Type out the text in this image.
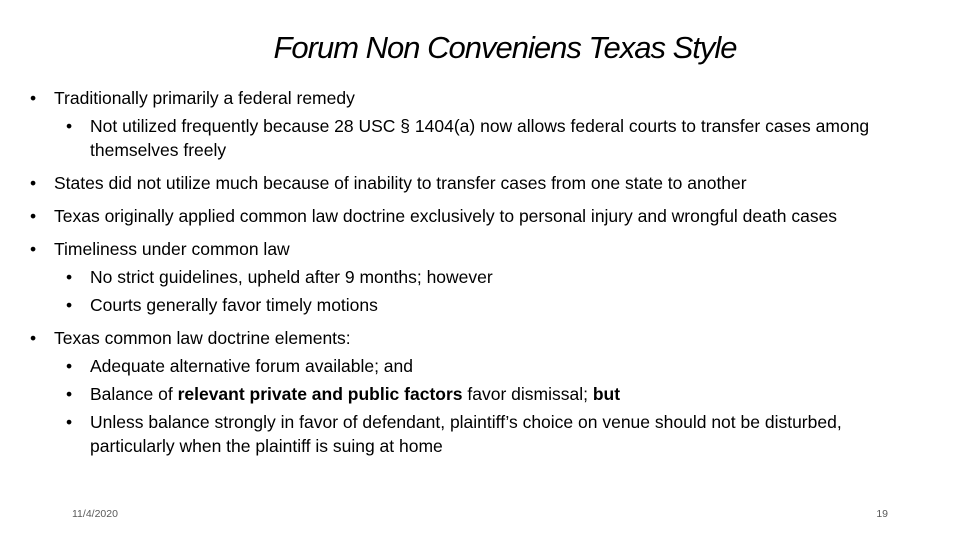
Forum Non Conveniens Texas Style
• Traditionally primarily a federal remedy
• Not utilized frequently because 28 USC § 1404(a) now allows federal courts to transfer cases among themselves freely
• States did not utilize much because of inability to transfer cases from one state to another
• Texas originally applied common law doctrine exclusively to personal injury and wrongful death cases
• Timeliness under common law
• No strict guidelines, upheld after 9 months; however
• Courts generally favor timely motions
• Texas common law doctrine elements:
• Adequate alternative forum available; and
• Balance of relevant private and public factors favor dismissal; but
• Unless balance strongly in favor of defendant, plaintiff’s choice on venue should not be disturbed, particularly when the plaintiff is suing at home
11/4/2020	19
